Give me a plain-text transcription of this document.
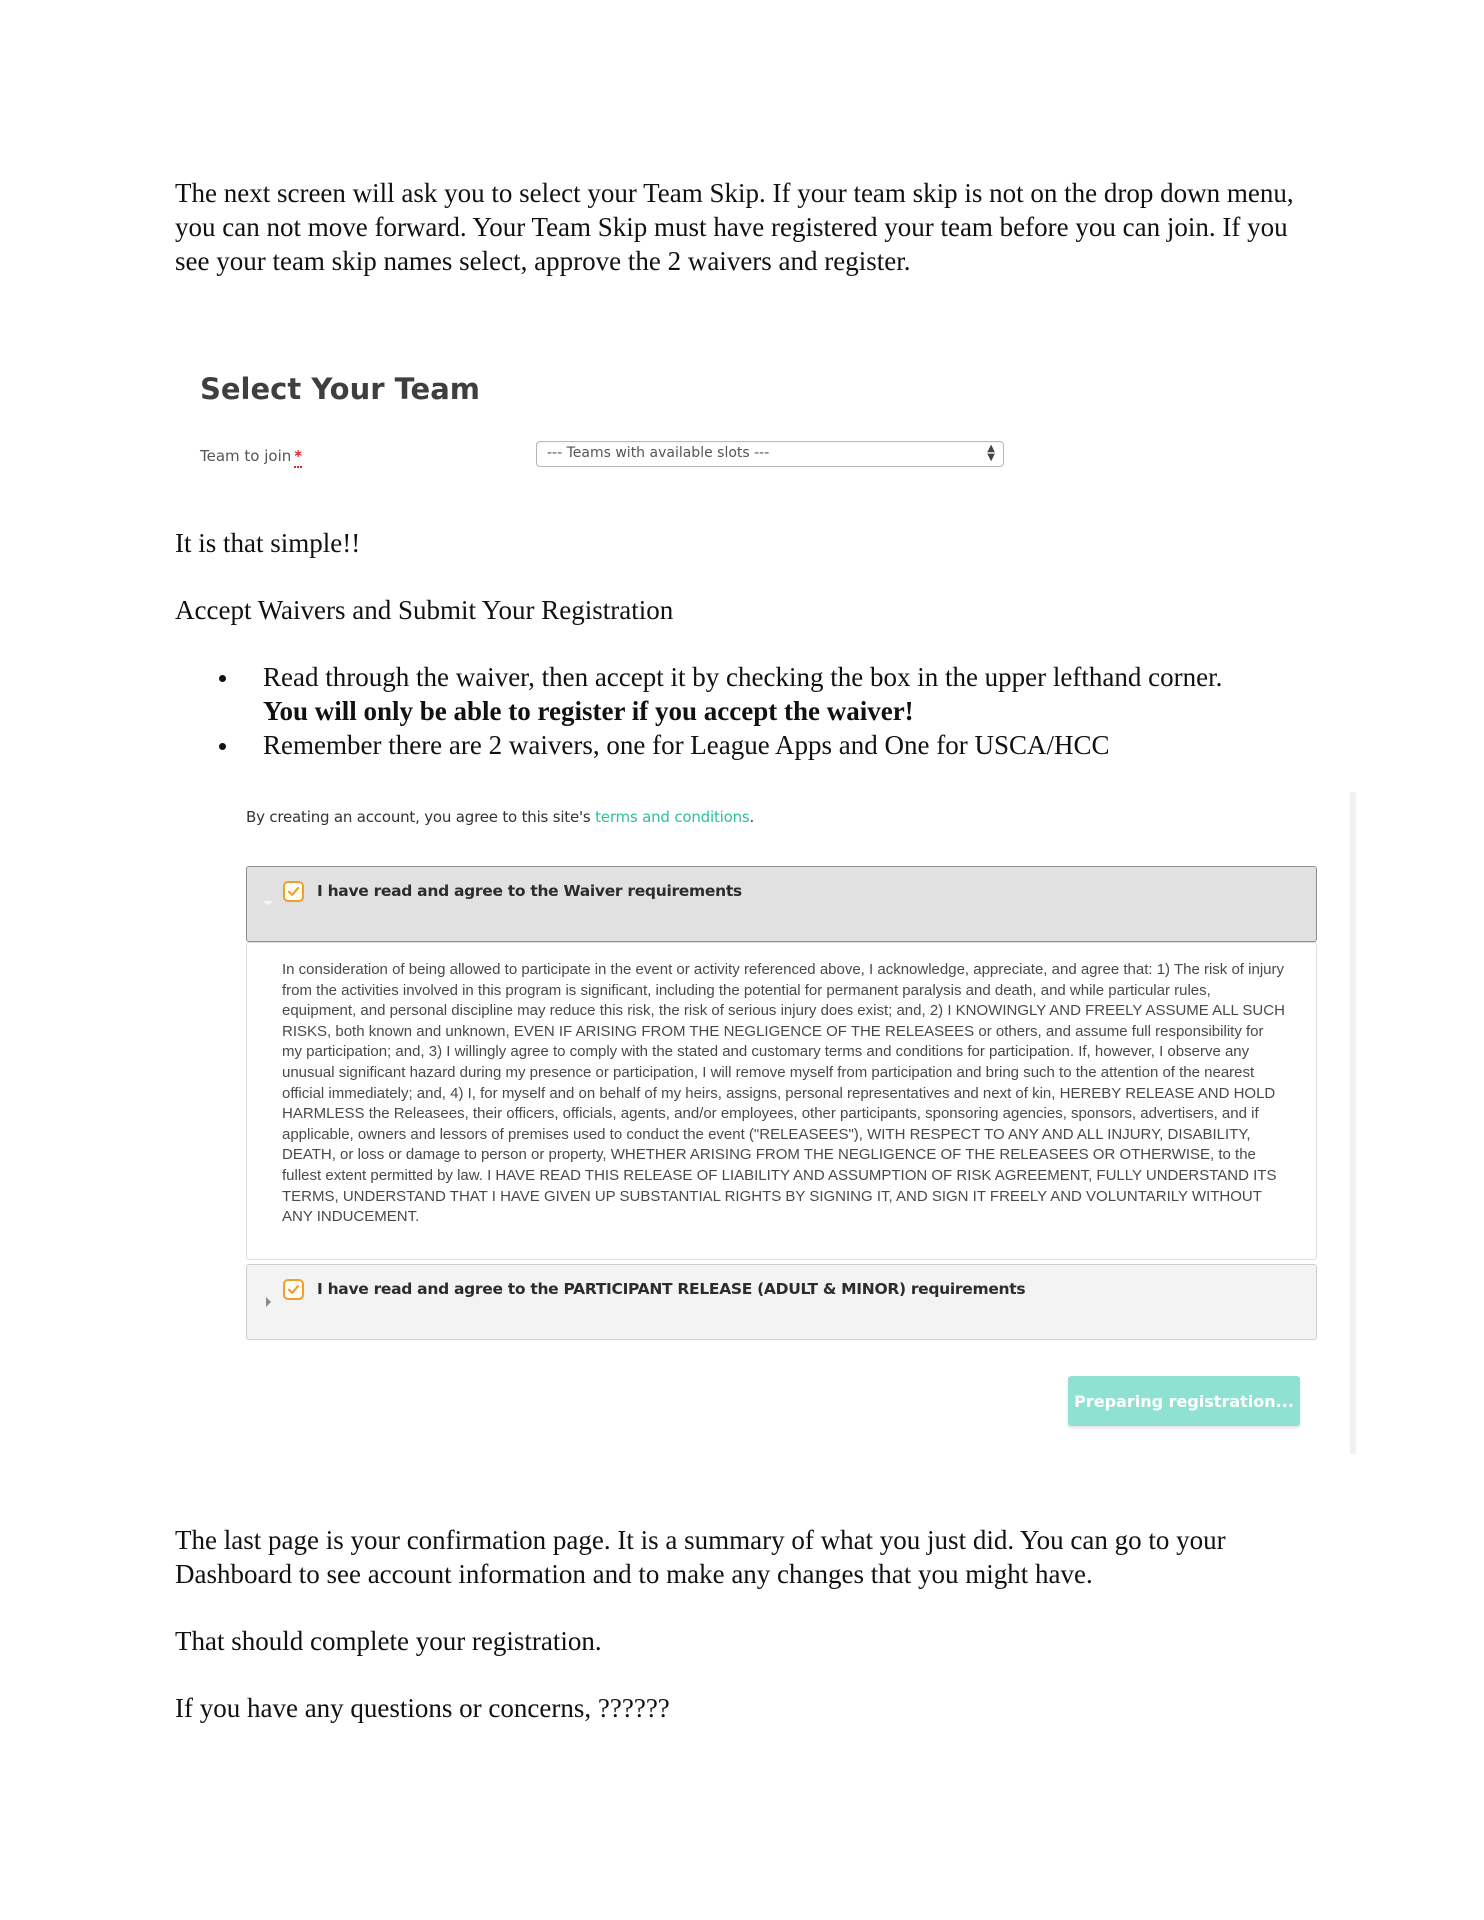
The next screen will ask you to select your Team Skip. If your team skip is not on the drop down menu, you can not move forward. Your Team Skip must have registered your team before you can join. If you see your team skip names select, approve the 2 waivers and register.

Select Your Team
Team to join *	--- Teams with available slots ---	▲
▼

It is that simple!!

Accept Waivers and Submit Your Registration

Read through the waiver, then accept it by checking the box in the upper lefthand corner.
You will only be able to register if you accept the waiver!
Remember there are 2 waivers, one for League Apps and One for USCA/HCC
By creating an account, you agree to this site's terms and conditions.
I have read and agree to the Waiver requirements
In consideration of being allowed to participate in the event or activity referenced above, I acknowledge, appreciate, and agree that: 1) The risk of injury from the activities involved in this program is significant, including the potential for permanent paralysis and death, and while particular rules, equipment, and personal discipline may reduce this risk, the risk of serious injury does exist; and, 2) I KNOWINGLY AND FREELY ASSUME ALL SUCH RISKS, both known and unknown, EVEN IF ARISING FROM THE NEGLIGENCE OF THE RELEASEES or others, and assume full responsibility for my participation; and, 3) I willingly agree to comply with the stated and customary terms and conditions for participation. If, however, I observe any unusual significant hazard during my presence or participation, I will remove myself from participation and bring such to the attention of the nearest official immediately; and, 4) I, for myself and on behalf of my heirs, assigns, personal representatives and next of kin, HEREBY RELEASE AND HOLD HARMLESS the Releasees, their officers, officials, agents, and/or employees, other participants, sponsoring agencies, sponsors, advertisers, and if applicable, owners and lessors of premises used to conduct the event ("RELEASEES"), WITH RESPECT TO ANY AND ALL INJURY, DISABILITY, DEATH, or loss or damage to person or property, WHETHER ARISING FROM THE NEGLIGENCE OF THE RELEASEES OR OTHERWISE, to the fullest extent permitted by law. I HAVE READ THIS RELEASE OF LIABILITY AND ASSUMPTION OF RISK AGREEMENT, FULLY UNDERSTAND ITS TERMS, UNDERSTAND THAT I HAVE GIVEN UP SUBSTANTIAL RIGHTS BY SIGNING IT, AND SIGN IT FREELY AND VOLUNTARILY WITHOUT ANY INDUCEMENT.
I have read and agree to the PARTICIPANT RELEASE (ADULT & MINOR) requirements
Preparing registration...

The last page is your confirmation page. It is a summary of what you just did. You can go to your Dashboard to see account information and to make any changes that you might have.

That should complete your registration.

If you have any questions or concerns, ??????
